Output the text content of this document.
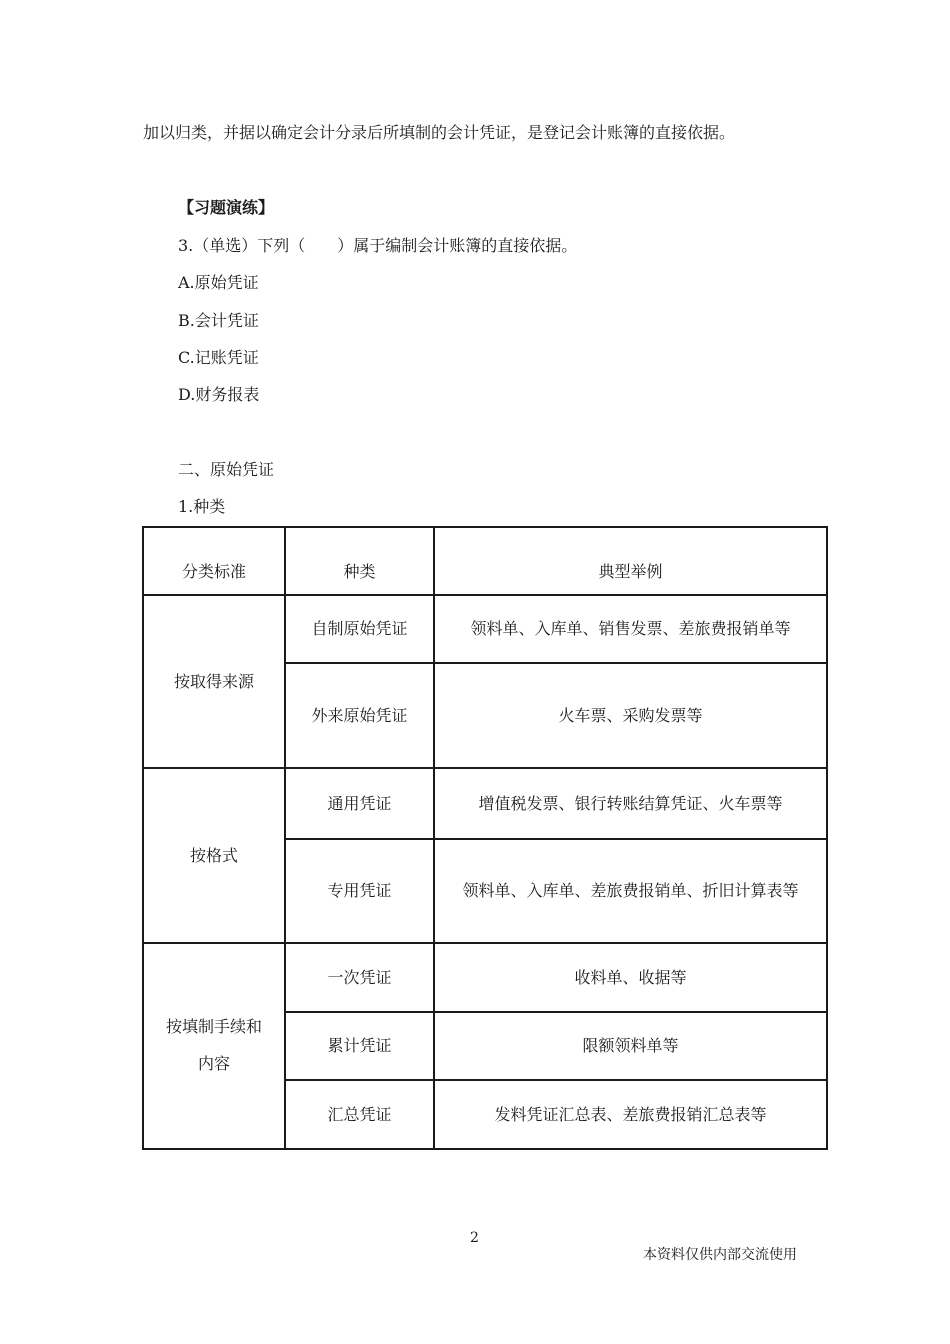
加以归类，并据以确定会计分录后所填制的会计凭证，是登记会计账簿的直接依据。
【习题演练】
3.（单选）下列（　　）属于编制会计账簿的直接依据。
A.原始凭证
B.会计凭证
C.记账凭证
D.财务报表
二、原始凭证
1.种类
分类标准	种类	典型举例
按取得来源	自制原始凭证	领料单、入库单、销售发票、差旅费报销单等
	外来原始凭证	火车票、采购发票等
按格式	通用凭证	增值税发票、银行转账结算凭证、火车票等
	专用凭证	领料单、入库单、差旅费报销单、折旧计算表等

按填制手续和
内容	一次凭证	收料单、收据等
	累计凭证	限额领料单等
	汇总凭证	发料凭证汇总表、差旅费报销汇总表等
2
本资料仅供内部交流使用
